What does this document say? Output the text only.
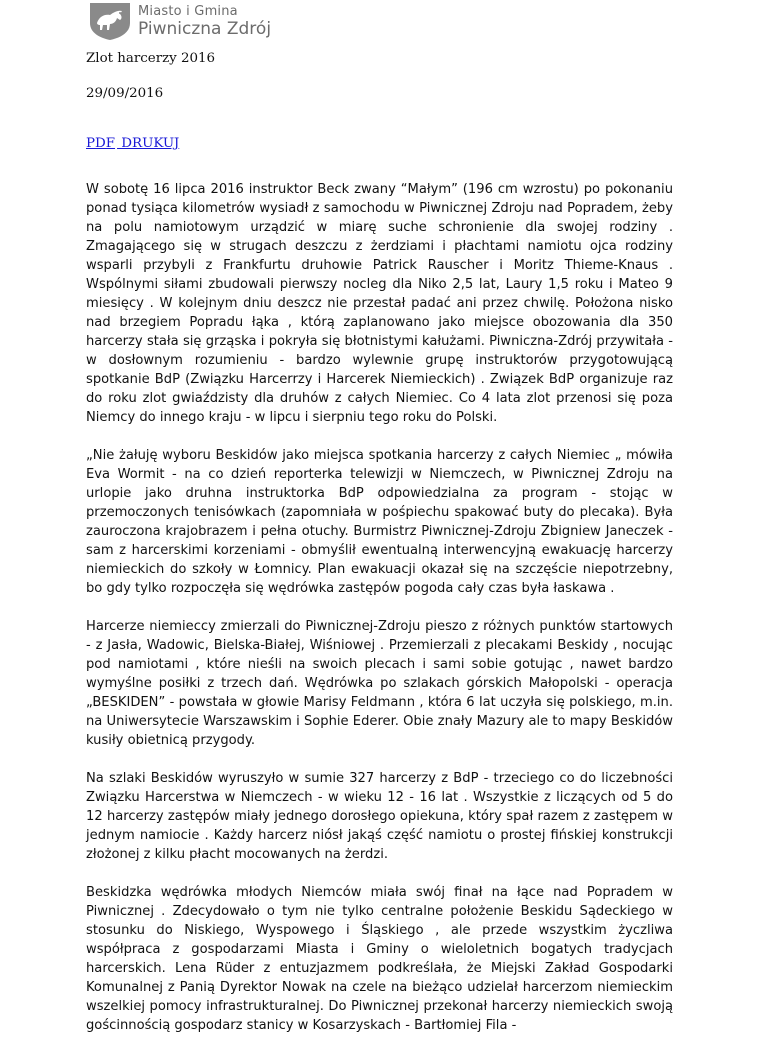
Miasto i Gmina
Piwniczna Zdrój
Zlot harcerzy 2016
29/09/2016
PDF DRUKUJ

W sobotę 16 lipca 2016 instruktor Beck zwany “Małym” (196 cm wzrostu) po pokonaniu ponad tysiąca kilometrów wysiadł z samochodu w Piwnicznej Zdroju nad Popradem, żeby na polu namiotowym urządzić w miarę suche schronienie dla swojej rodziny . Zmagającego się w strugach deszczu z żerdziami i płachtami namiotu ojca rodziny wsparli przybyli z Frankfurtu druhowie Patrick Rauscher i Moritz Thieme-Knaus . Wspólnymi siłami zbudowali pierwszy nocleg dla Niko 2,5 lat, Laury 1,5 roku i Mateo 9 miesięcy . W kolejnym dniu deszcz nie przestał padać ani przez chwilę. Położona nisko nad brzegiem Popradu łąka , którą zaplanowano jako miejsce obozowania dla 350 harcerzy stała się grząska i pokryła się błotnistymi kałużami. Piwniczna-Zdrój przywitała - w dosłownym rozumieniu - bardzo wylewnie grupę instruktorów przygotowującą spotkanie BdP (Związku Harcerrzy i Harcerek Niemieckich) . Związek BdP organizuje raz do roku zlot gwiaździsty dla druhów z całych Niemiec. Co 4 lata zlot przenosi się poza Niemcy do innego kraju - w lipcu i sierpniu tego roku do Polski.

„Nie żałuję wyboru Beskidów jako miejsca spotkania harcerzy z całych Niemiec „ mówiła Eva Wormit - na co dzień reporterka telewizji w Niemczech, w Piwnicznej Zdroju na urlopie jako druhna instruktorka BdP odpowiedzialna za program - stojąc w przemoczonych tenisówkach (zapomniała w pośpiechu spakować buty do plecaka). Była zauroczona krajobrazem i pełna otuchy. Burmistrz Piwnicznej-Zdroju Zbigniew Janeczek - sam z harcerskimi korzeniami - obmyślił ewentualną interwencyjną ewakuację harcerzy niemieckich do szkoły w Łomnicy. Plan ewakuacji okazał się na szczęście niepotrzebny, bo gdy tylko rozpoczęła się wędrówka zastępów pogoda cały czas była łaskawa .

Harcerze niemieccy zmierzali do Piwnicznej-Zdroju pieszo z różnych punktów startowych - z Jasła, Wadowic, Bielska-Białej, Wiśniowej . Przemierzali z plecakami Beskidy , nocując pod namiotami , które nieśli na swoich plecach i sami sobie gotując , nawet bardzo wymyślne posiłki z trzech dań. Wędrówka po szlakach górskich Małopolski - operacja „BESKIDEN” - powstała w głowie Marisy Feldmann , która 6 lat uczyła się polskiego, m.in. na Uniwersytecie Warszawskim i Sophie Ederer. Obie znały Mazury ale to mapy Beskidów kusiły obietnicą przygody.

Na szlaki Beskidów wyruszyło w sumie 327 harcerzy z BdP - trzeciego co do liczebności Związku Harcerstwa w Niemczech - w wieku 12 - 16 lat . Wszystkie z liczących od 5 do 12 harcerzy zastępów miały jednego dorosłego opiekuna, który spał razem z zastępem w jednym namiocie . Każdy harcerz niósł jakąś część namiotu o prostej fińskiej konstrukcji złożonej z kilku płacht mocowanych na żerdzi.

Beskidzka wędrówka młodych Niemców miała swój finał na łące nad Popradem w Piwnicznej . Zdecydowało o tym nie tylko centralne położenie Beskidu Sądeckiego w stosunku do Niskiego, Wyspowego i Śląskiego , ale przede wszystkim życzliwa współpraca z gospodarzami Miasta i Gminy o wieloletnich bogatych tradycjach harcerskich. Lena Rüder z entuzjazmem podkreślała, że Miejski Zakład Gospodarki Komunalnej z Panią Dyrektor Nowak na czele na bieżąco udzielał harcerzom niemieckim wszelkiej pomocy infrastrukturalnej. Do Piwnicznej przekonał harcerzy niemieckich swoją gościnnością gospodarz stanicy w Kosarzyskach - Bartłomiej Fila -
